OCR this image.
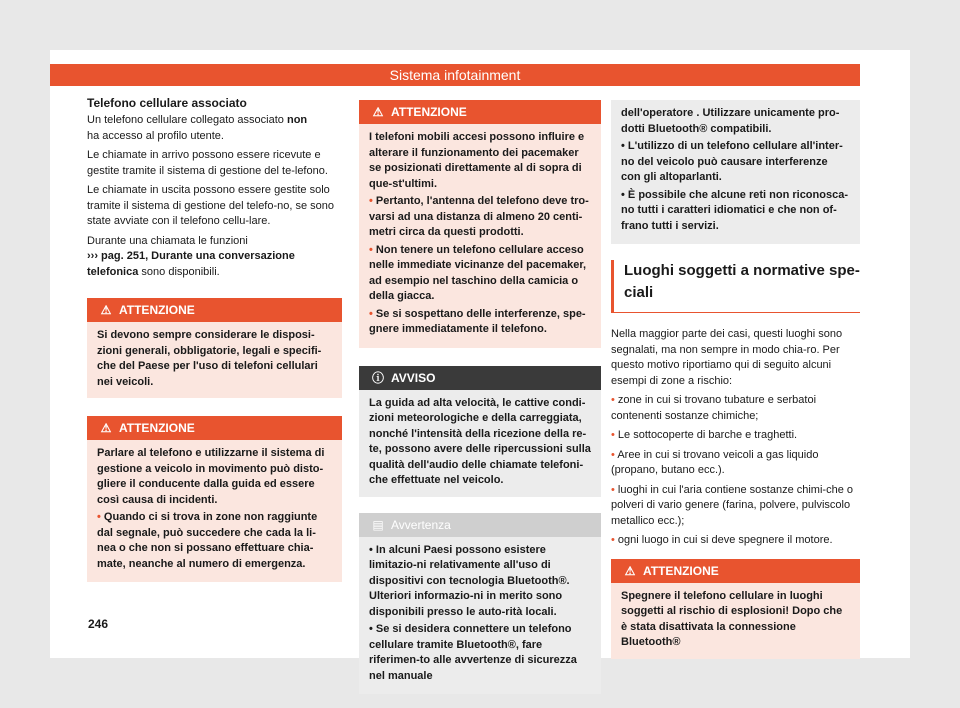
Sistema infotainment
Telefono cellulare associato

Un telefono cellulare collegato associato non
ha accesso al profilo utente.

Le chiamate in arrivo possono essere ricevute e gestite tramite il sistema di gestione del te-lefono.

Le chiamate in uscita possono essere gestite solo tramite il sistema di gestione del telefo-no, se sono state avviate con il telefono cellu-lare.

Durante una chiamata le funzioni
››› pag. 251, Durante una conversazione telefonica sono disponibili.

⚠ ATTENZIONE
Si devono sempre considerare le disposi-zioni generali, obbligatorie, legali e specifi-che del Paese per l'uso di telefoni cellulari nei veicoli.
⚠ ATTENZIONE
Parlare al telefono e utilizzarne il sistema di gestione a veicolo in movimento può disto-gliere il conducente dalla guida ed essere così causa di incidenti.
• Quando ci si trova in zone non raggiunte dal segnale, può succedere che cada la li-nea o che non si possano effettuare chia-mate, neanche al numero di emergenza.
⚠ ATTENZIONE
I telefoni mobili accesi possono influire e alterare il funzionamento dei pacemaker se posizionati direttamente al di sopra di que-st'ultimi.
• Pertanto, l'antenna del telefono deve tro-varsi ad una distanza di almeno 20 centi-metri circa da questi prodotti.
• Non tenere un telefono cellulare acceso nelle immediate vicinanze del pacemaker, ad esempio nel taschino della camicia o della giacca.
• Se si sospettano delle interferenze, spe-gnere immediatamente il telefono.
ⓘ AVVISO
La guida ad alta velocità, le cattive condi-zioni meteorologiche e della carreggiata, nonché l'intensità della ricezione della re-te, possono avere delle ripercussioni sulla qualità dell'audio delle chiamate telefoni-che effettuate nel veicolo.
▤ Avvertenza
• In alcuni Paesi possono esistere limitazio-ni relativamente all'uso di dispositivi con tecnologia Bluetooth®. Ulteriori informazio-ni in merito sono disponibili presso le auto-rità locali.
• Se si desidera connettere un telefono cellulare tramite Bluetooth®, fare riferimen-to alle avvertenze di sicurezza nel manuale
dell'operatore . Utilizzare unicamente pro-dotti Bluetooth® compatibili.
• L'utilizzo di un telefono cellulare all'inter-no del veicolo può causare interferenze con gli altoparlanti.
• È possibile che alcune reti non riconosca-no tutti i caratteri idiomatici e che non of-frano tutti i servizi.
Luoghi soggetti a normative spe-ciali

Nella maggior parte dei casi, questi luoghi sono segnalati, ma non sempre in modo chia-ro. Per questo motivo riportiamo qui di seguito alcuni esempi di zone a rischio:

• zone in cui si trovano tubature e serbatoi contenenti sostanze chimiche;

• Le sottocoperte di barche e traghetti.

• Aree in cui si trovano veicoli a gas liquido (propano, butano ecc.).

• luoghi in cui l'aria contiene sostanze chimi-che o polveri di vario genere (farina, polvere, pulviscolo metallico ecc.);

• ogni luogo in cui si deve spegnere il motore.

⚠ ATTENZIONE
Spegnere il telefono cellulare in luoghi soggetti al rischio di esplosioni! Dopo che è stata disattivata la connessione Bluetooth®
246
